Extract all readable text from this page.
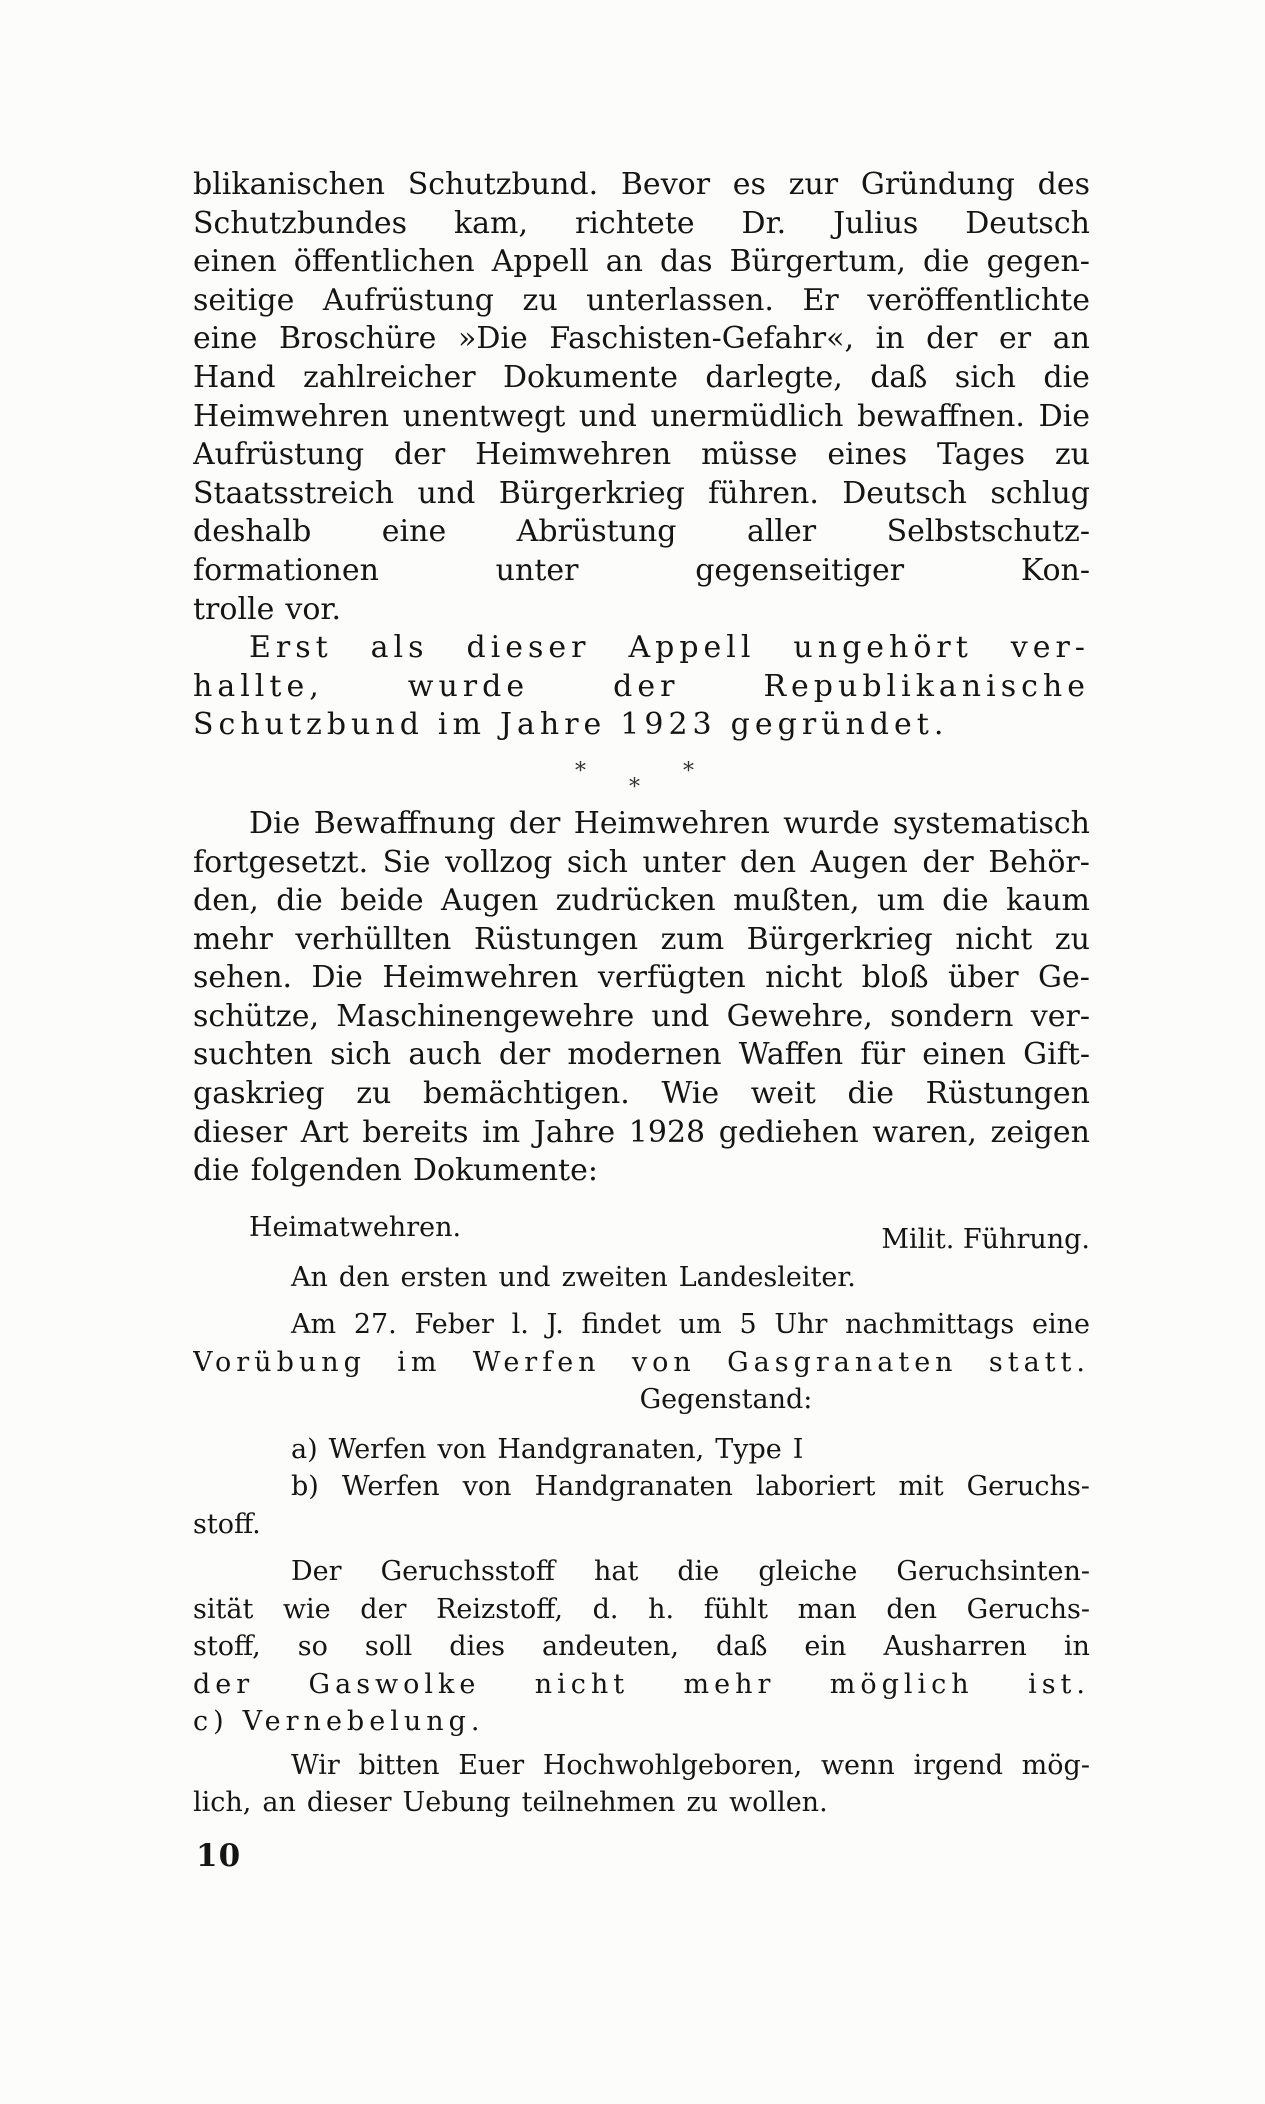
blikanischen Schutzbund. Bevor es zur Gründung des
Schutzbundes kam, richtete Dr. Julius Deutsch
einen öffentlichen Appell an das Bürgertum, die gegen-
seitige Aufrüstung zu unterlassen. Er veröffentlichte
eine Broschüre »Die Faschisten-Gefahr«, in der er an
Hand zahlreicher Dokumente darlegte, daß sich die
Heimwehren unentwegt und unermüdlich bewaffnen. Die
Aufrüstung der Heimwehren müsse eines Tages zu
Staatsstreich und Bürgerkrieg führen. Deutsch schlug
deshalb eine Abrüstung aller Selbstschutz-
formationen	unter	gegenseitiger	Kon-
trolle vor.
Erst als dieser Appell ungehört ver-
hallte,	wurde	der	Republikanische
Schutzbund im Jahre 1923 gegründet.
*	*
*
Die Bewaffnung der Heimwehren wurde systematisch
fortgesetzt. Sie vollzog sich unter den Augen der Behör-
den, die beide Augen zudrücken mußten, um die kaum
mehr verhüllten Rüstungen zum Bürgerkrieg nicht zu
sehen. Die Heimwehren verfügten nicht bloß über Ge-
schütze, Maschinengewehre und Gewehre, sondern ver-
suchten sich auch der modernen Waffen für einen Gift-
gaskrieg zu bemächtigen. Wie weit die Rüstungen
dieser Art bereits im Jahre 1928 gediehen waren, zeigen
die folgenden Dokumente:
Heimatwehren.	Milit. Führung.
An den ersten und zweiten Landesleiter.
Am 27. Feber l. J. findet um 5 Uhr nachmittags eine
Vorübung im Werfen von Gasgranaten statt.
Gegenstand:
a) Werfen von Handgranaten, Type I
b) Werfen von Handgranaten laboriert mit Geruchs-
stoff.
Der Geruchsstoff hat die gleiche Geruchsinten-
sität wie der Reizstoff, d. h. fühlt man den Geruchs-
stoff, so soll dies andeuten, daß ein Ausharren in
der Gaswolke nicht mehr möglich ist.
c) Vernebelung.
Wir bitten Euer Hochwohlgeboren, wenn irgend mög-
lich, an dieser Uebung teilnehmen zu wollen.
10
